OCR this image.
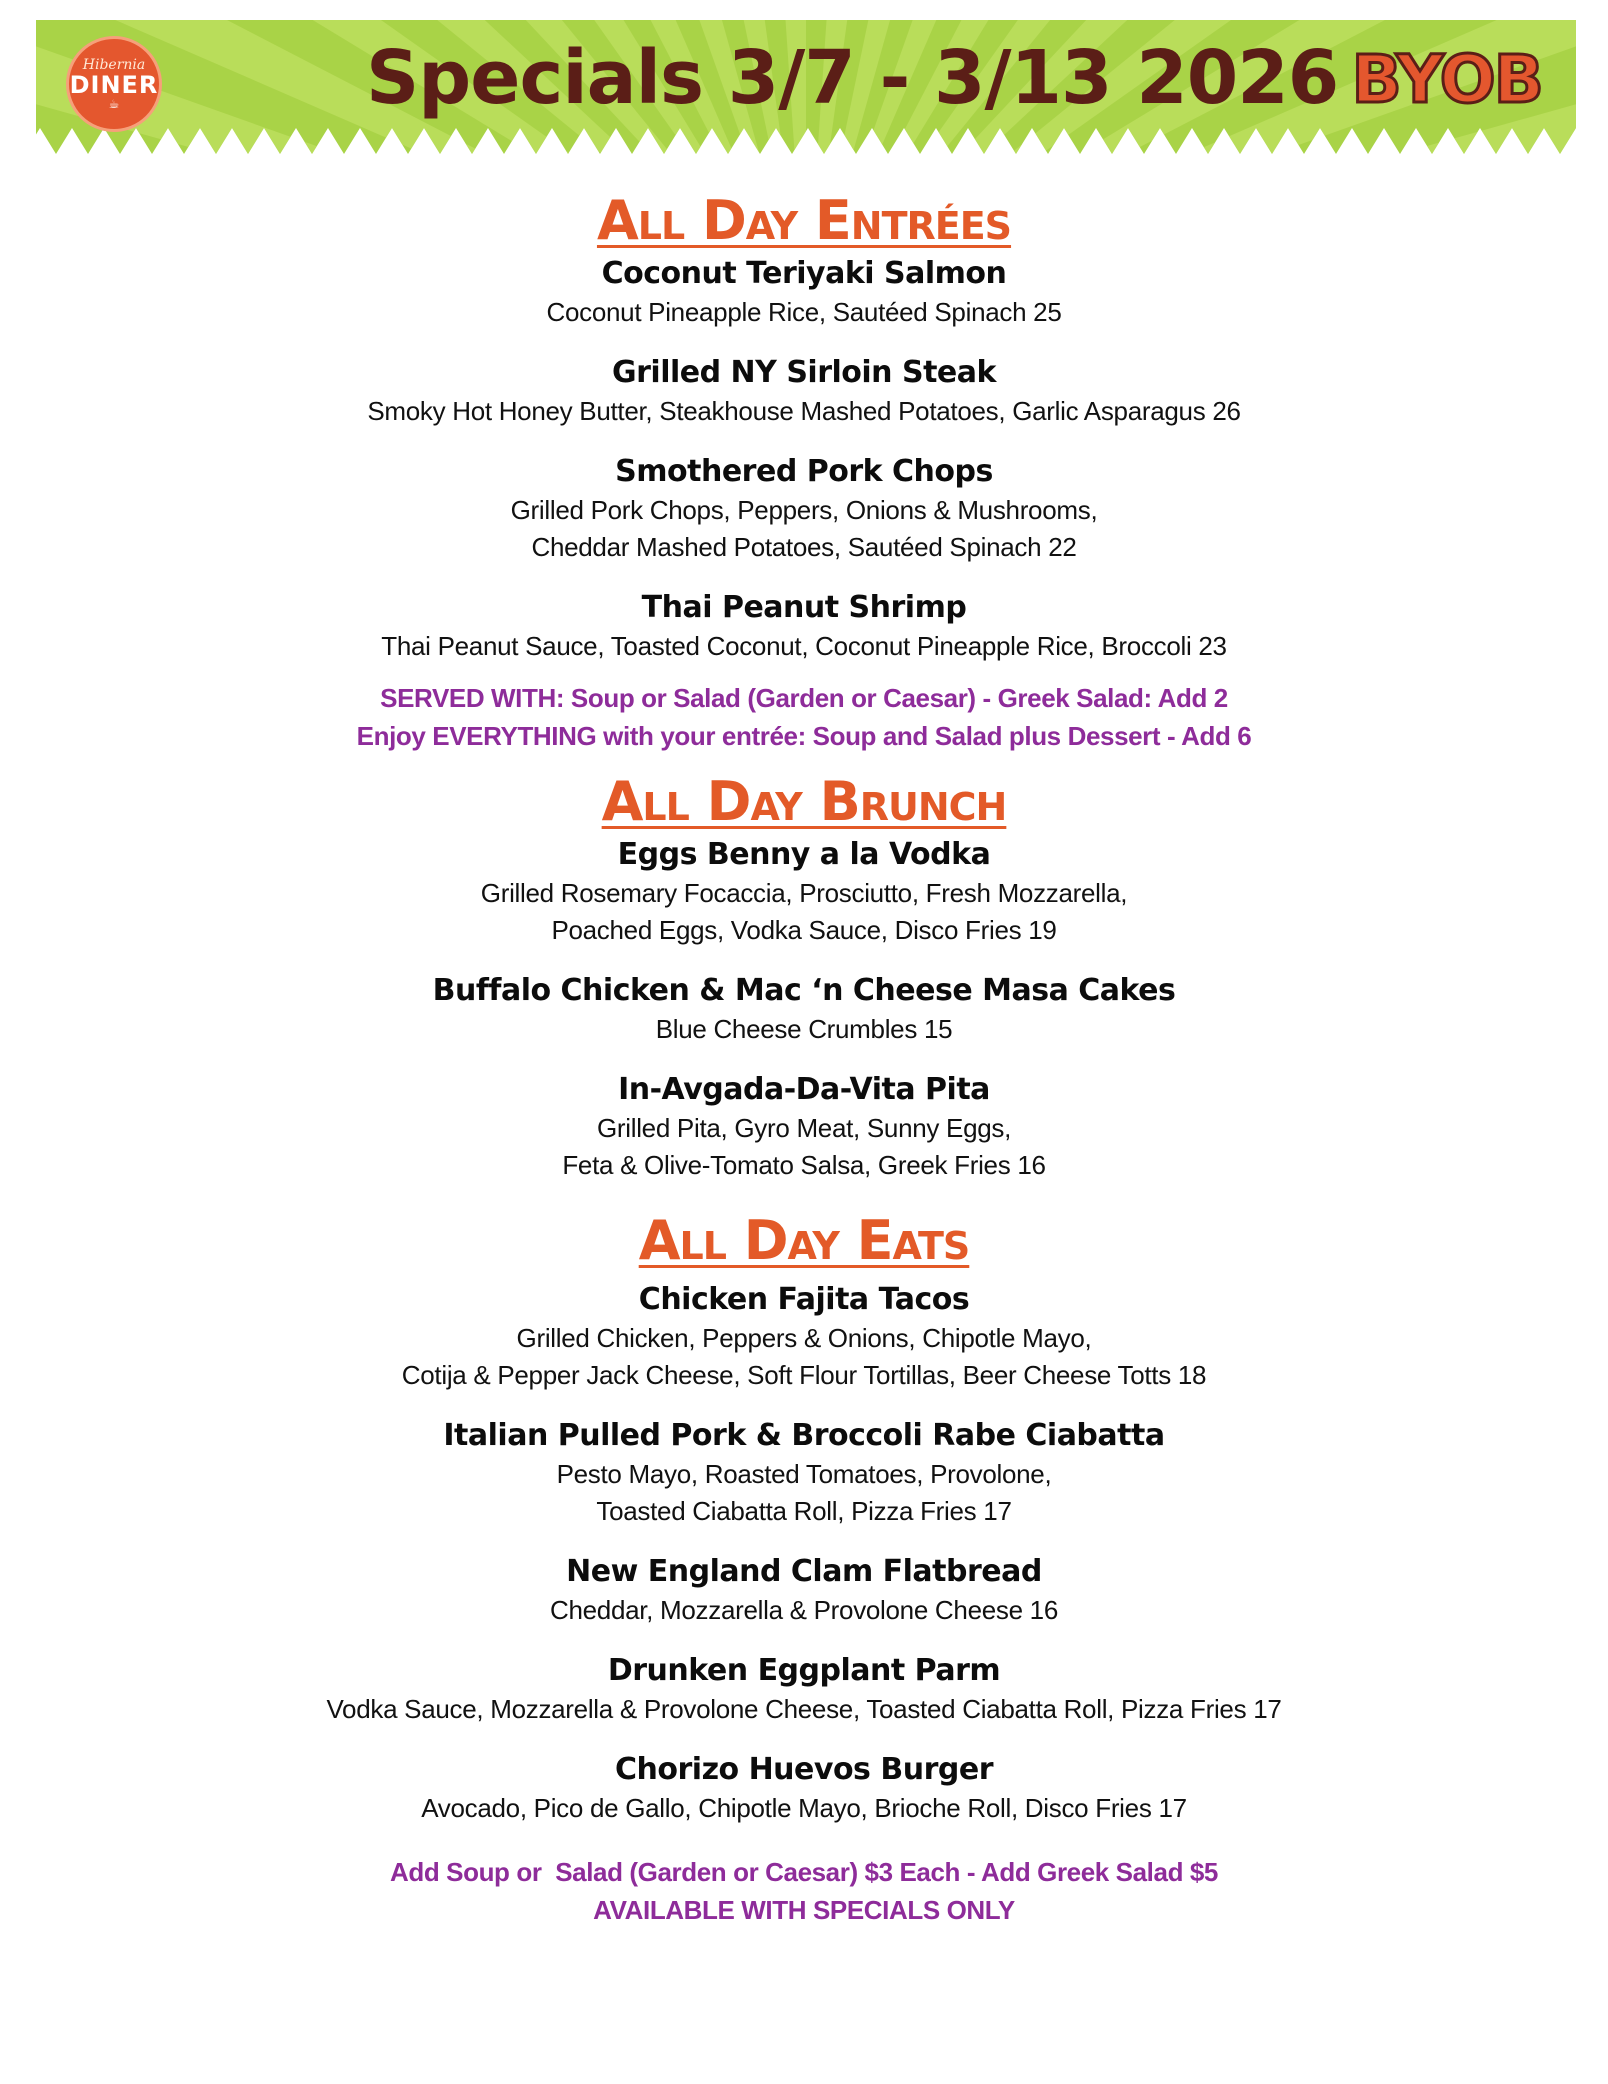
Hibernia
DINER
☕	Specials 3/7 - 3/13 2026 BYOB
All Day Entrées
Coconut Teriyaki Salmon
Coconut Pineapple Rice, Sautéed Spinach 25
Grilled NY Sirloin Steak
Smoky Hot Honey Butter, Steakhouse Mashed Potatoes, Garlic Asparagus 26
Smothered Pork Chops
Grilled Pork Chops, Peppers, Onions & Mushrooms,
Cheddar Mashed Potatoes, Sautéed Spinach 22
Thai Peanut Shrimp
Thai Peanut Sauce, Toasted Coconut, Coconut Pineapple Rice, Broccoli 23
SERVED WITH: Soup or Salad (Garden or Caesar) - Greek Salad: Add 2
Enjoy EVERYTHING with your entrée: Soup and Salad plus Dessert - Add 6
All Day Brunch
Eggs Benny a la Vodka
Grilled Rosemary Focaccia, Prosciutto, Fresh Mozzarella,
Poached Eggs, Vodka Sauce, Disco Fries 19
Buffalo Chicken & Mac ‘n Cheese Masa Cakes
Blue Cheese Crumbles 15
In-Avgada-Da-Vita Pita
Grilled Pita, Gyro Meat, Sunny Eggs,
Feta & Olive-Tomato Salsa, Greek Fries 16
All Day Eats
Chicken Fajita Tacos
Grilled Chicken, Peppers & Onions, Chipotle Mayo,
Cotija & Pepper Jack Cheese, Soft Flour Tortillas, Beer Cheese Totts 18
Italian Pulled Pork & Broccoli Rabe Ciabatta
Pesto Mayo, Roasted Tomatoes, Provolone,
Toasted Ciabatta Roll, Pizza Fries 17
New England Clam Flatbread
Cheddar, Mozzarella & Provolone Cheese 16
Drunken Eggplant Parm
Vodka Sauce, Mozzarella & Provolone Cheese, Toasted Ciabatta Roll, Pizza Fries 17
Chorizo Huevos Burger
Avocado, Pico de Gallo, Chipotle Mayo, Brioche Roll, Disco Fries 17
Add Soup or  Salad (Garden or Caesar) $3 Each - Add Greek Salad $5
AVAILABLE WITH SPECIALS ONLY
